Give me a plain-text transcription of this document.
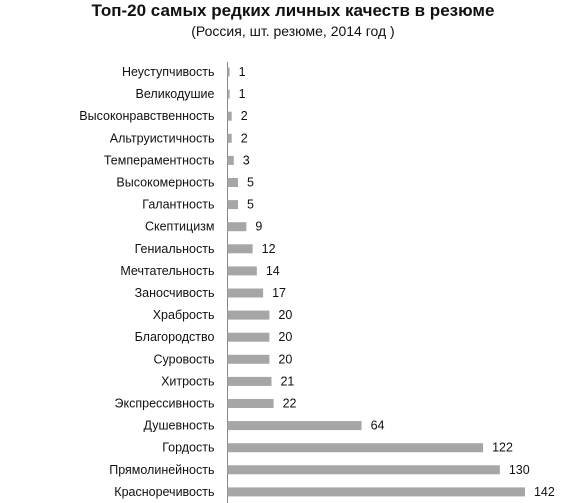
Топ-20 самых редких личных качеств в резюме
(Россия, шт. резюме, 2014 год )
Неуступчивость 1
Великодушие 1
Высоконравственность 2
Альтруистичность 2
Темпераментность 3
Высокомерность	5
Галантность	5
Скептицизм	9
Гениальность	12
Мечтательность	14
Заносчивость	17
Храбрость	20
Благородство	20
Суровость	20
Хитрость	21
Экспрессивность	22
Душевность	64
Гордость	122
Прямолинейность	130
Красноречивость	142
